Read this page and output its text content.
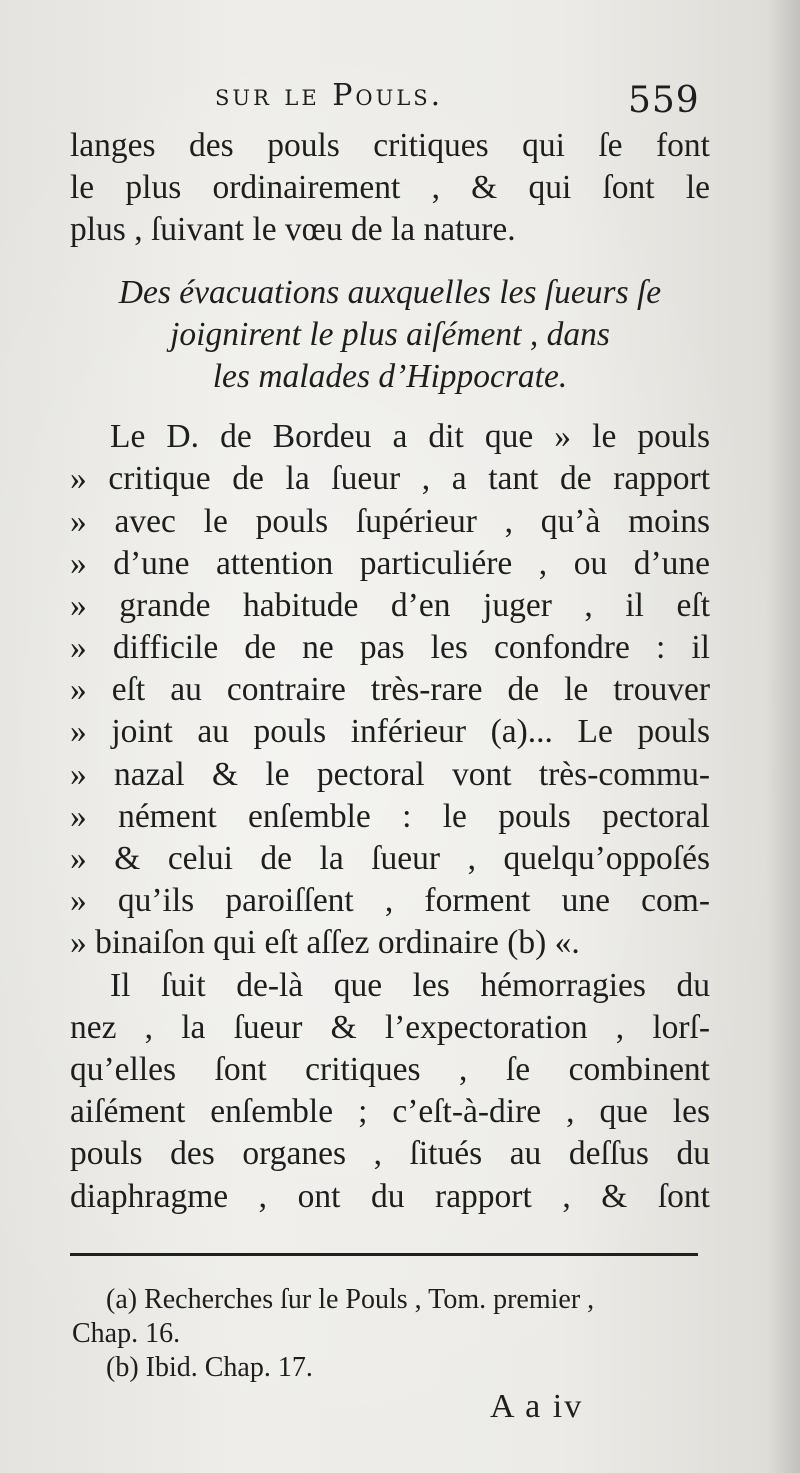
sur le Pouls.	559
langes des pouls critiques qui ſe font
le plus ordinairement , & qui ſont le
plus , ſuivant le vœu de la nature.
Des évacuations auxquelles les ſueurs ſe
joignirent le plus aiſément , dans
les malades d’Hippocrate.
Le D. de Bordeu a dit que » le pouls
» critique de la ſueur , a tant de rapport
» avec le pouls ſupérieur , qu’à moins
» d’une attention particuliére , ou d’une
» grande habitude d’en juger , il eſt
» difficile de ne pas les confondre : il
» eſt au contraire très-rare de le trouver
» joint au pouls inférieur (a)... Le pouls
» nazal & le pectoral vont très-commu-
» nément enſemble : le pouls pectoral
» & celui de la ſueur , quelqu’oppoſés
» qu’ils paroiſſent , forment une com-
» binaiſon qui eſt aſſez ordinaire (b) «.
Il ſuit de-là que les hémorragies du
nez , la ſueur & l’expectoration , lorſ-
qu’elles ſont critiques , ſe combinent
aiſément enſemble ; c’eſt-à-dire , que les
pouls des organes , ſitués au deſſus du
diaphragme , ont du rapport , & ſont
(a) Recherches ſur le Pouls , Tom. premier ,
Chap. 16.
(b) Ibid. Chap. 17.
A a iv
